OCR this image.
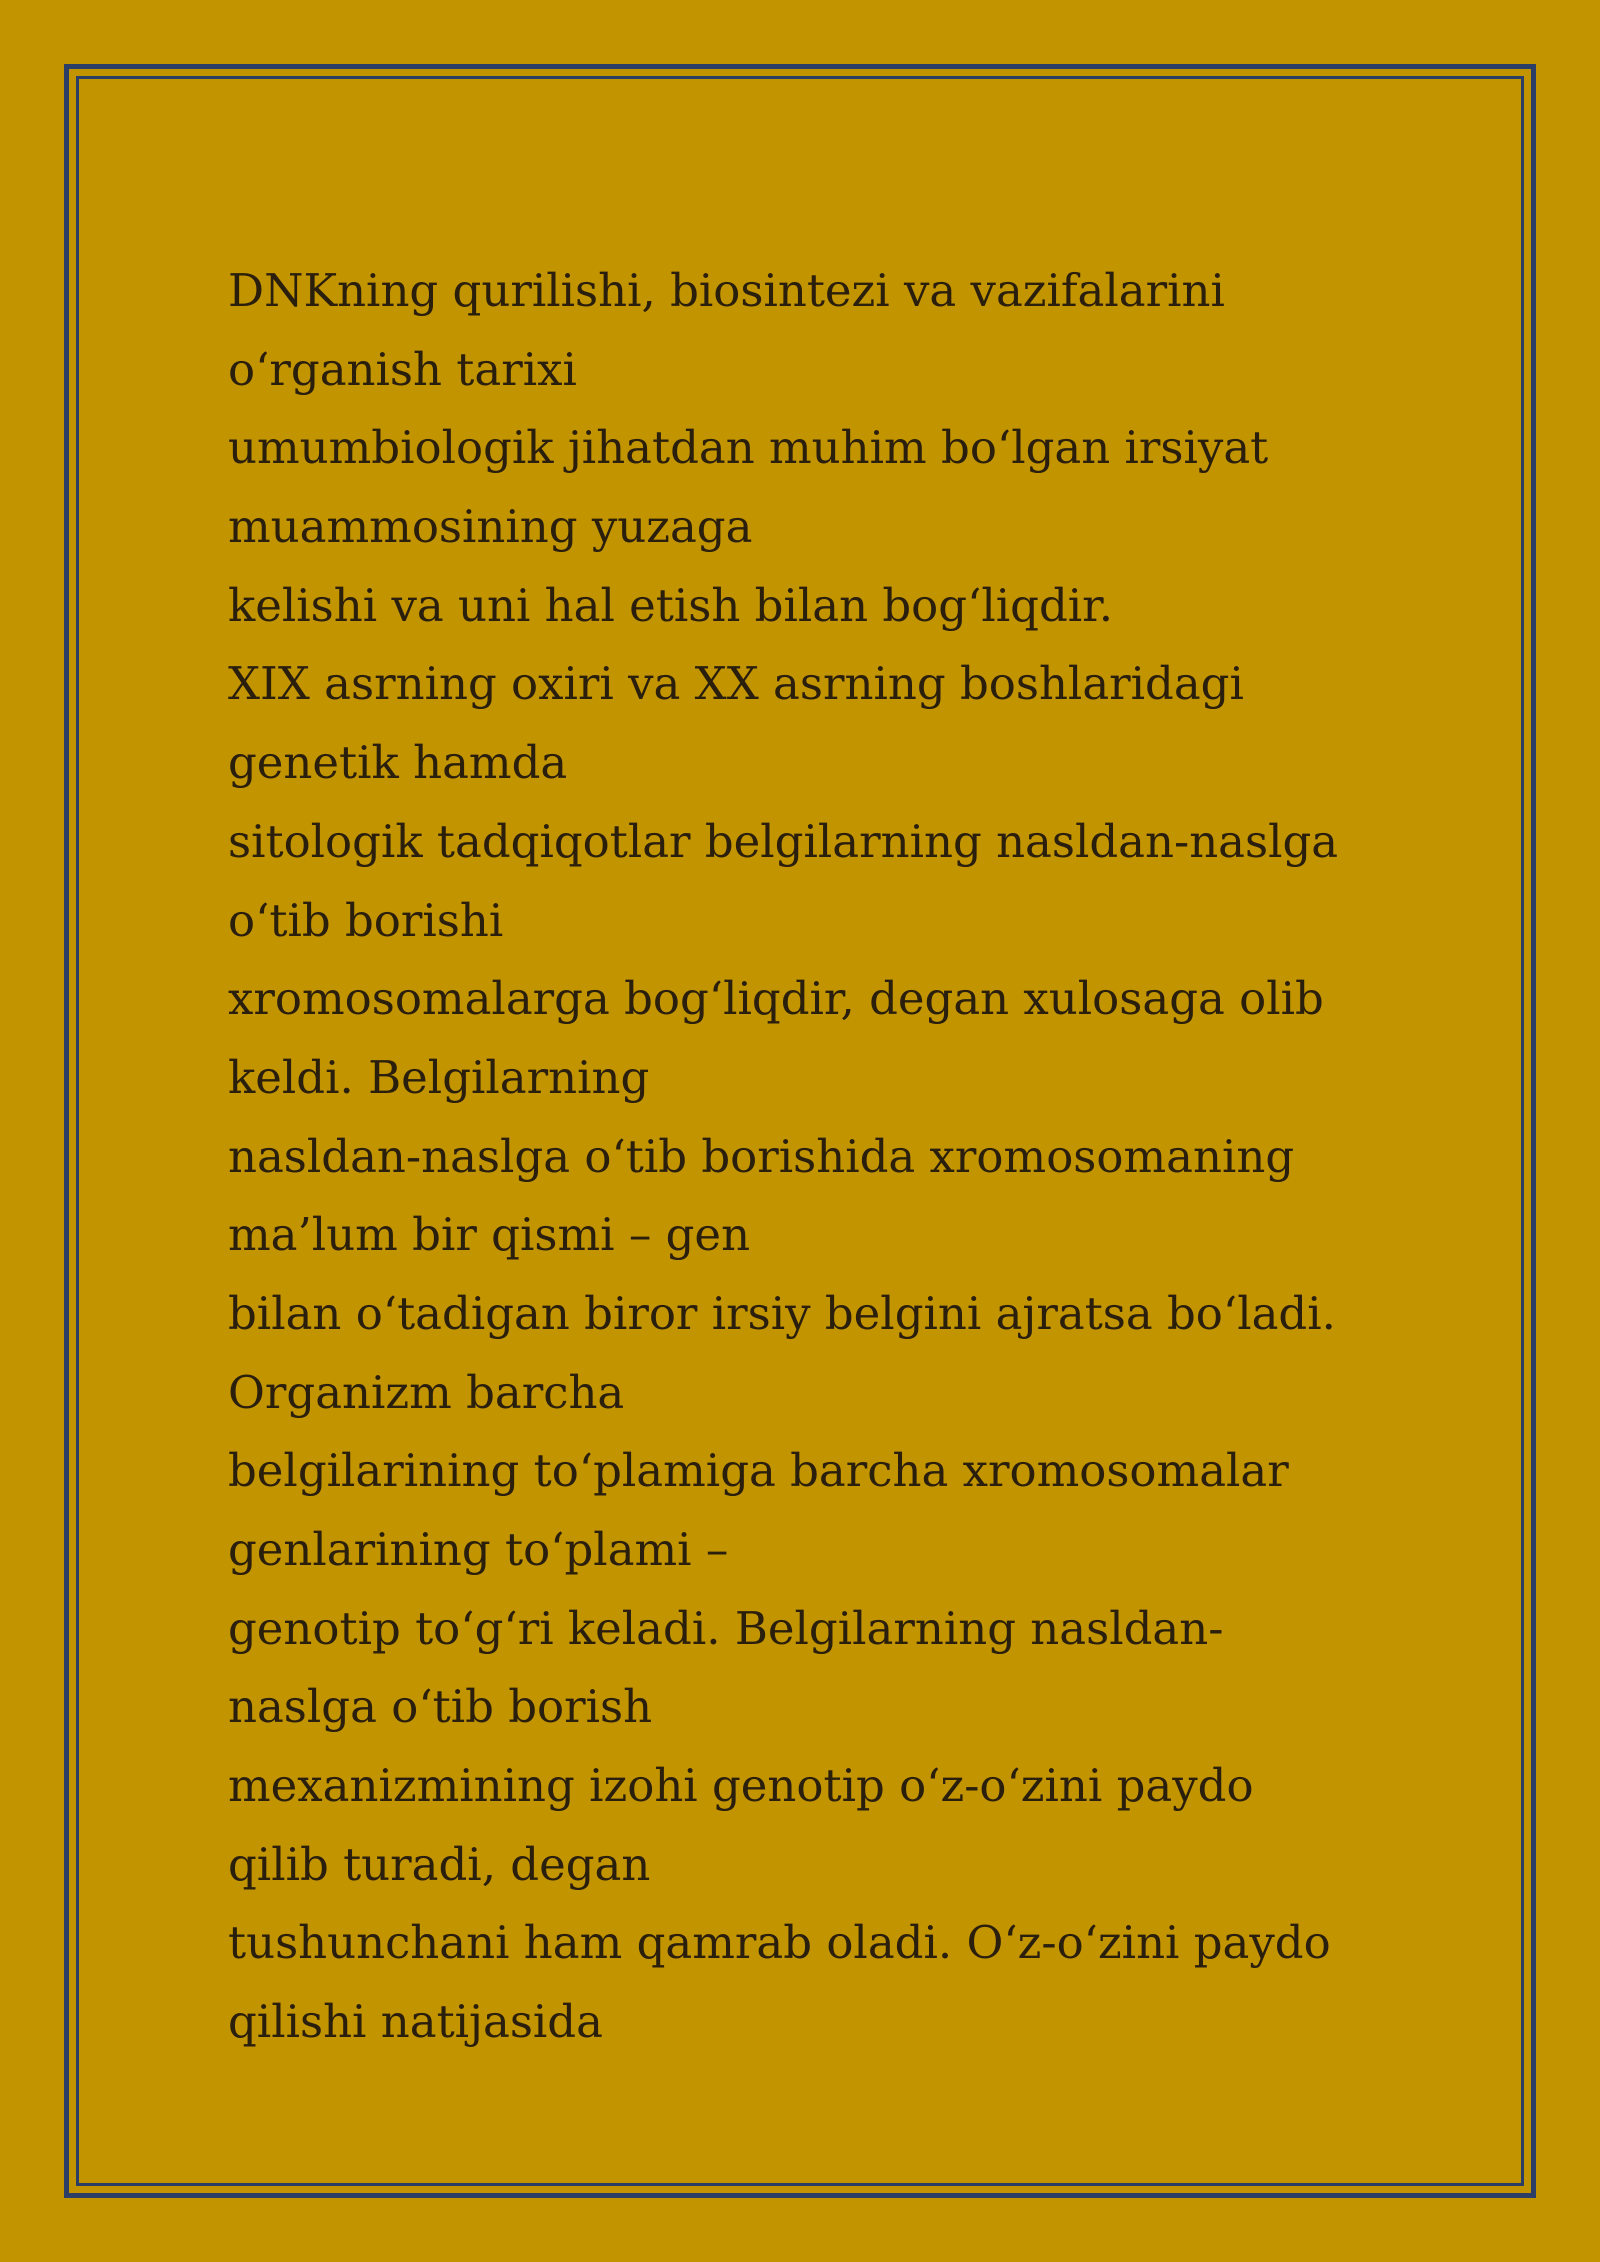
DNKning qurilishi, biosintezi va vazifalarini
o‘rganish tarixi
umumbiologik jihatdan muhim bo‘lgan irsiyat
muammosining yuzaga
kelishi va uni hal etish bilan bog‘liqdir.
XIX asrning oxiri va XX asrning boshlaridagi
genetik hamda
sitologik tadqiqotlar belgilarning nasldan-naslga
o‘tib borishi
xromosomalarga bog‘liqdir, degan xulosaga olib
keldi. Belgilarning
nasldan-naslga o‘tib borishida xromosomaning
ma’lum bir qismi – gen
bilan o‘tadigan biror irsiy belgini ajratsa bo‘ladi.
Organizm barcha
belgilarining to‘plamiga barcha xromosomalar
genlarining to‘plami –
genotip to‘g‘ri keladi. Belgilarning nasldan-
naslga o‘tib borish
mexanizmining izohi genotip o‘z-o‘zini paydo
qilib turadi, degan
tushunchani ham qamrab oladi. O‘z-o‘zini paydo
qilishi natijasida
